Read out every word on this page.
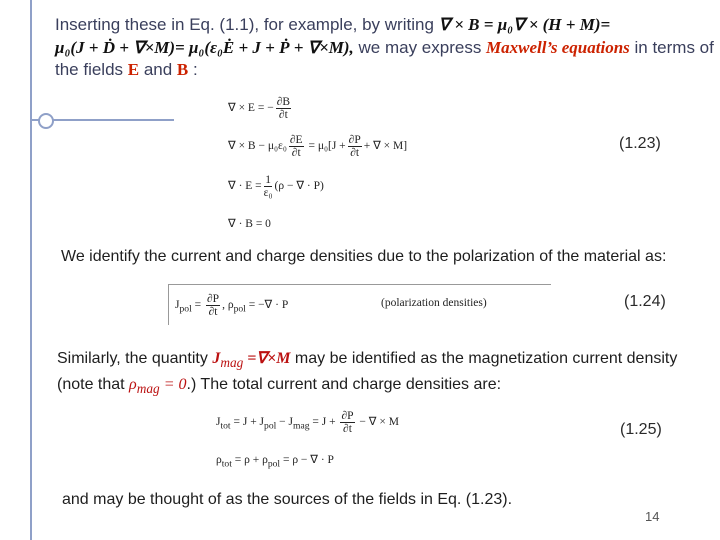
Inserting these in Eq. (1.1), for example, by writing ∇ × B = μ₀∇ × (H + M)=
μ₀(J + Ḋ + ∇×M)= μ₀(ε₀Ė + J + Ṗ + ∇×M), we may express Maxwell’s equations in terms of the fields E and B :
∇ × E = − $\frac{\partial B}{\partial t}$
∇ × $B - \mu_0\varepsilon_0 \frac{\partial E}{\partial t} = \mu_0[J + \frac{\partial P}{\partial t}$ + ∇ × M]
∇ · $E = \frac{1}{\text{ε₀}} (\rho$ − ∇ · P)
∇ · B = 0
(1.23)
We identify the current and charge densities due to the polarization of the material as:
$J_{pol} = \frac{\partial P}{\partial t}$ , $\rho_{pol}$ = −∇ · P	(polarization densities)	(1.24)
Similarly, the quantity $J_{mag} =\nabla\times M$ may be identified as the magnetization current density (note that $\rho_{mag} = 0$.) The total current and charge densities are:
$J_{tot} = J + J_{pol} - J_{mag} = J + \frac{\partial P}{\partial t}$ − ∇ × M
$\rho_{tot} = \rho + \rho_{pol} = \rho$ − ∇ · P
(1.25)
and may be thought of as the sources of the fields in Eq. (1.23).
14
